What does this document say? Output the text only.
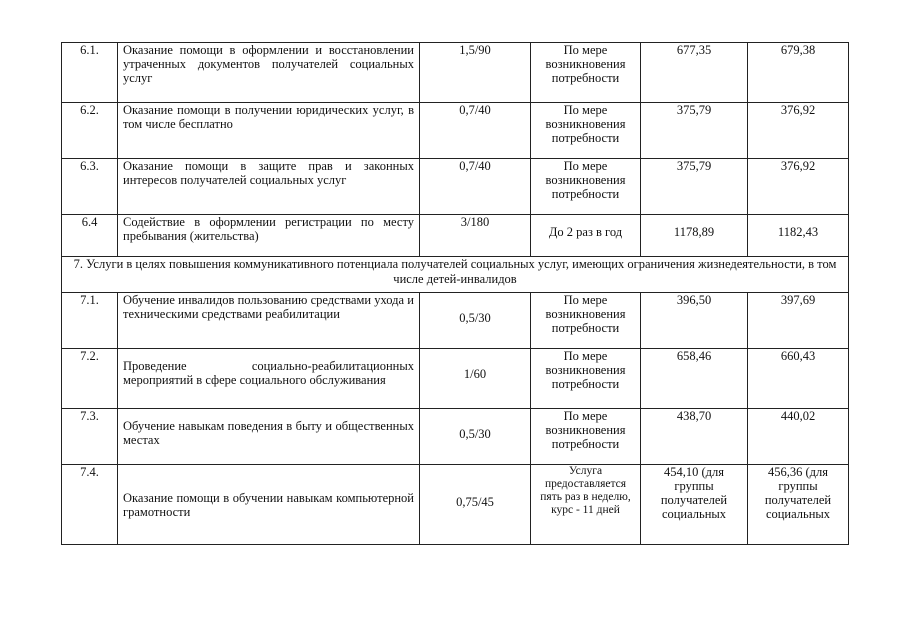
6.1.	Оказание помощи в оформлении и восстановлении утраченных документов получателей социальных услуг	1,5/90	По мере возникновения потребности	677,35	679,38
6.2.	Оказание помощи в получении юридических услуг, в том числе бесплатно	0,7/40	По мере возникновения потребности	375,79	376,92
6.3.	Оказание помощи в защите прав и законных интересов получателей социальных услуг	0,7/40	По мере возникновения потребности	375,79	376,92
6.4	Содействие в оформлении регистрации по месту пребывания (жительства)	3/180	До 2 раз в год	1178,89	1182,43
7. Услуги в целях повышения коммуникативного потенциала получателей социальных услуг, имеющих ограничения жизнедеятельности, в том числе детей-инвалидов					
7.1.	Обучение инвалидов пользованию средствами ухода и техническими средствами реабилитации	0,5/30	По мере возникновения потребности	396,50	397,69
7.2.	Проведение социально-реабилитационных мероприятий в сфере социального обслуживания	1/60	По мере возникновения потребности	658,46	660,43
7.3.	Обучение навыкам поведения в быту и общественных местах	0,5/30	По мере возникновения потребности	438,70	440,02
7.4.	Оказание помощи в обучении навыкам компьютерной грамотности	0,75/45	Услуга предоставляется пять раз в неделю, курс - 11 дней	454,10 (для группы получателей социальных	456,36 (для группы получателей социальных
